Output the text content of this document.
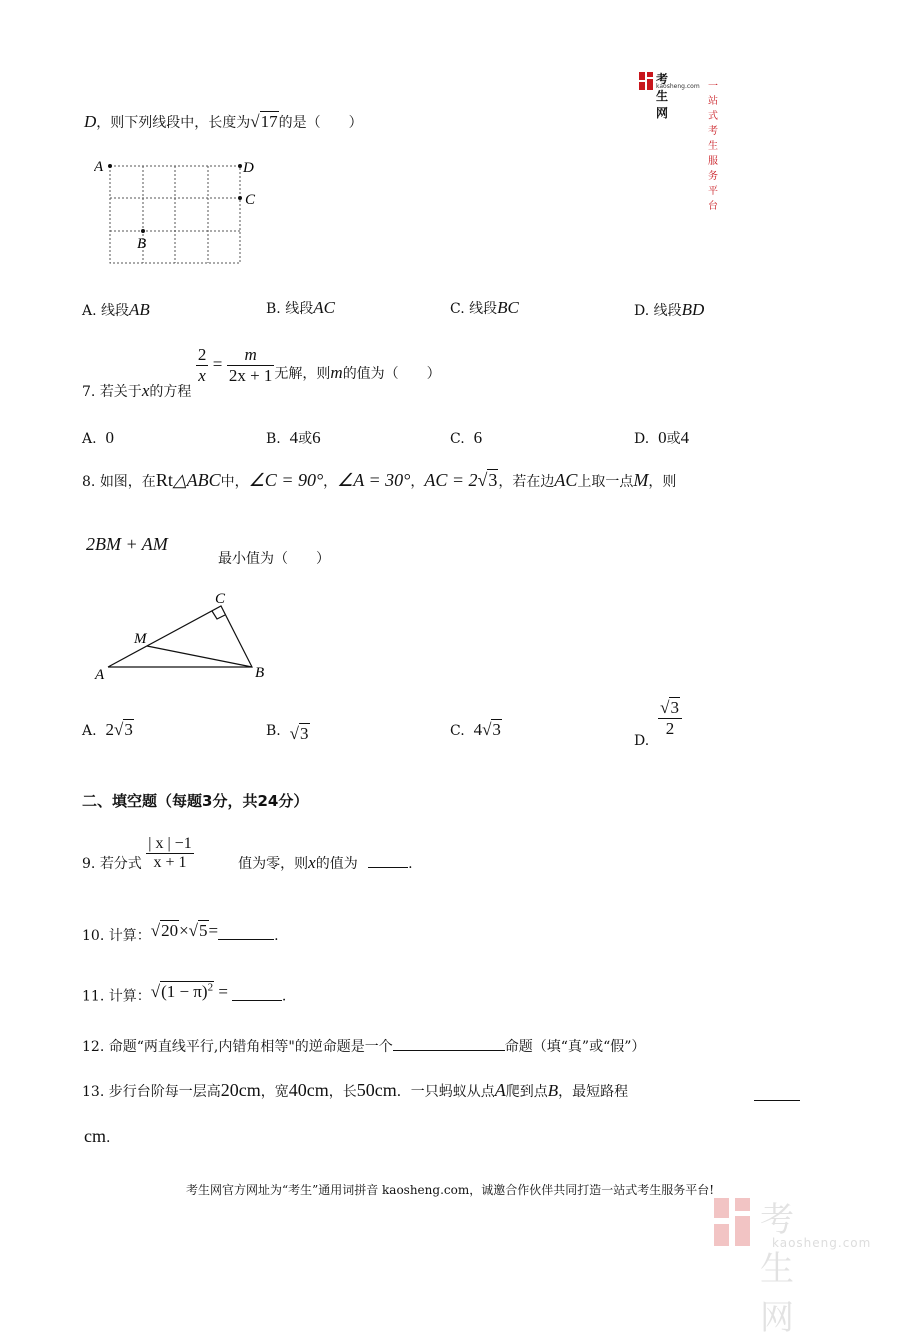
考生网
kaosheng.com 一站式考生服务平台
D，则下列线段中，长度为√17的是（　　）
A	D
C
B
A. 线段AB	B. 线段AC	C. 线段BC	D. 线段BD
7. 若关于x的方程
$\frac{2}{x} = \frac{m}{2x + 1}$ 无解，则m的值为（　　）
A. 0	B. 4或6	C. 6	D. 0或4
8. 如图，在Rt△ABC中，∠C = 90°，∠A = 30°，AC = 2√3，若在边AC上取一点M，则
2BM + AM
最小值为（　　）
A	B
C
M
A. 2√3	B. √3	C. 4√3
D.
$\frac{√3}{2}$
二、填空题（每题3分，共24分）
9. 若分式 $\frac{| x | -1}{x + 1}$	值为零，则x的值为	.
10. 计算：√20×√5=	.
11. 计算：$√(1 - \pi)^2$ =	.
12. 命题“两直线平行,内错角相等"的逆命题是一个	命题（填“真”或“假”）
13. 步行台阶每一层高20cm，宽40cm，长50cm．一只蚂蚁从点A爬到点B，最短路程
cm.
考生网官方网址为“考生”通用词拼音 kaosheng.com，诚邀合作伙伴共同打造一站式考生服务平台!
考生网
kaosheng.com
